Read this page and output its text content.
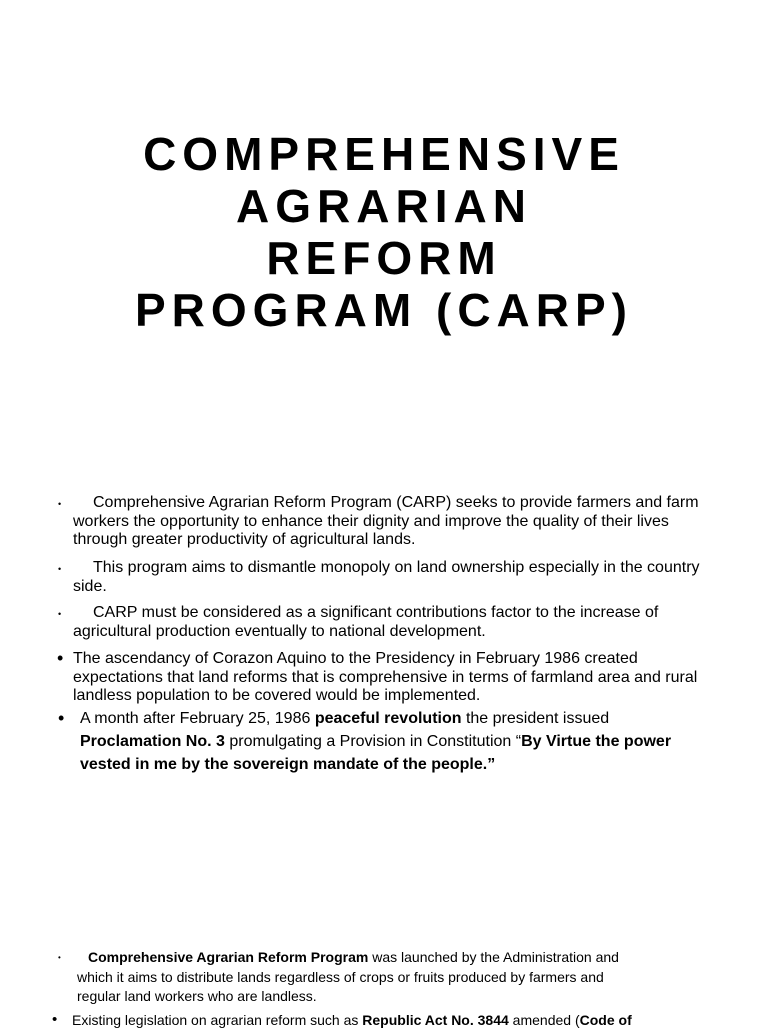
COMPREHENSIVE
AGRARIAN
REFORM
PROGRAM (CARP)
•	Comprehensive Agrarian Reform Program (CARP) seeks to provide farmers and farm workers the opportunity to enhance their dignity and improve the quality of their lives through greater productivity of agricultural lands.

•	This program aims to dismantle monopoly on land ownership especially in the country side.

•	CARP must be considered as a significant contributions factor to the increase of agricultural production eventually to national development.

• The ascendancy of Corazon Aquino to the Presidency in February 1986 created expectations that land reforms that is comprehensive in terms of farmland area and rural landless population to be covered would be implemented.

• A month after February 25, 1986 peaceful revolution the president issued Proclamation No. 3 promulgating a Provision in Constitution “By Virtue the power vested in me by the sovereign mandate of the people.”

•	Comprehensive Agrarian Reform Program was launched by the Administration and which it aims to distribute lands regardless of crops or fruits produced by farmers and regular land workers who are landless.

• Existing legislation on agrarian reform such as Republic Act No. 3844 amended (Code of
